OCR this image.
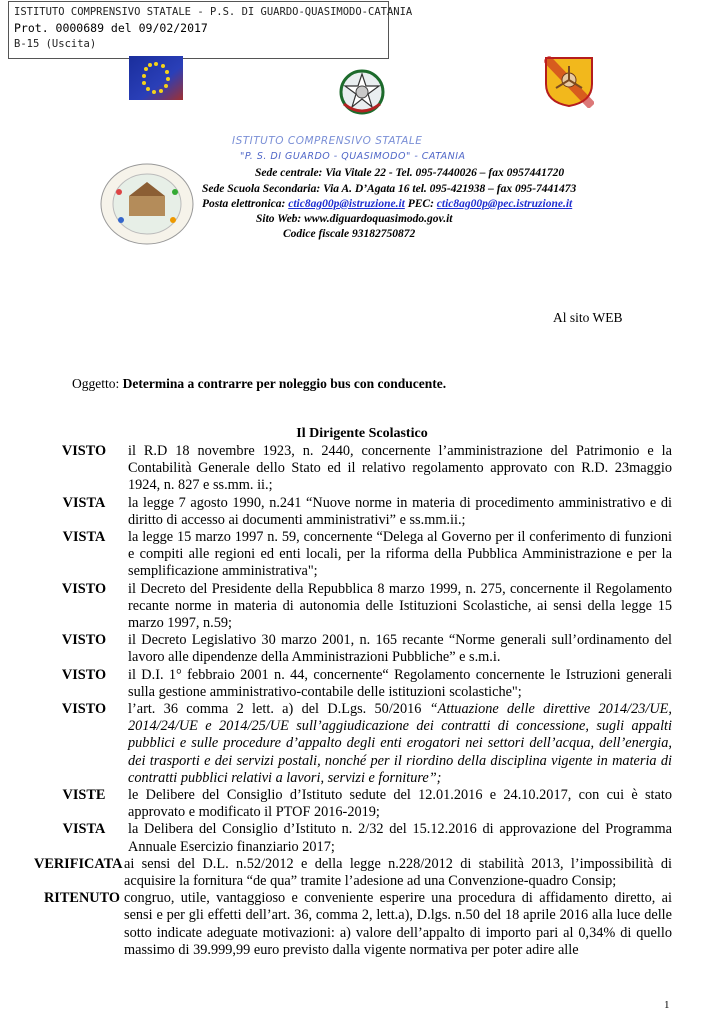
ISTITUTO COMPRENSIVO STATALE - P.S. DI GUARDO-QUASIMODO-CATANIA
Prot. 0000689 del 09/02/2017
B-15 (Uscita)
ISTITUTO COMPRENSIVO STATALE
"P. S. DI GUARDO - QUASIMODO" - CATANIA
Sede centrale: Via Vitale 22 - Tel. 095-7440026 – fax 0957441720
Sede Scuola Secondaria: Via A. D’Agata 16 tel. 095-421938 – fax 095-7441473
Posta elettronica: ctic8ag00p@istruzione.it PEC: ctic8ag00p@pec.istruzione.it
Sito Web: www.diguardoquasimodo.gov.it
Codice fiscale 93182750872
Al sito WEB
Oggetto: Determina a contrarre per noleggio bus con conducente.
Il Dirigente Scolastico
VISTO	il R.D 18 novembre 1923, n. 2440, concernente l’amministrazione del Patrimonio e la Contabilità Generale dello Stato ed il relativo regolamento approvato con R.D. 23maggio 1924, n. 827 e ss.mm. ii.;
VISTA	la legge 7 agosto 1990, n.241 “Nuove norme in materia di procedimento amministrativo e di diritto di accesso ai documenti amministrativi” e ss.mm.ii.;
VISTA	la legge 15 marzo 1997 n. 59, concernente “Delega al Governo per il conferimento di funzioni e compiti alle regioni ed enti locali, per la riforma della Pubblica Amministrazione e per la semplificazione amministrativa";
VISTO	il Decreto del Presidente della Repubblica 8 marzo 1999, n. 275, concernente il Regolamento recante norme in materia di autonomia delle Istituzioni Scolastiche, ai sensi della legge 15 marzo 1997, n.59;
VISTO	il Decreto Legislativo 30 marzo 2001, n. 165 recante “Norme generali sull’ordinamento del lavoro alle dipendenze della Amministrazioni Pubbliche” e s.m.i.
VISTO	il D.I. 1° febbraio 2001 n. 44, concernente“ Regolamento concernente le Istruzioni generali sulla gestione amministrativo-contabile delle istituzioni scolastiche";
VISTO	l’art. 36 comma 2 lett. a) del D.Lgs. 50/2016 “Attuazione delle direttive 2014/23/UE, 2014/24/UE e 2014/25/UE sull’aggiudicazione dei contratti di concessione, sugli appalti pubblici e sulle procedure d’appalto degli enti erogatori nei settori dell’acqua, dell’energia, dei trasporti e dei servizi postali, nonché per il riordino della disciplina vigente in materia di contratti pubblici relativi a lavori, servizi e forniture”;
VISTE	le Delibere del Consiglio d’Istituto sedute del 12.01.2016 e 24.10.2017, con cui è stato approvato e modificato il PTOF 2016-2019;
VISTA	la Delibera del Consiglio d’Istituto n. 2/32 del 15.12.2016 di approvazione del Programma Annuale Esercizio finanziario 2017;
VERIFICATA ai sensi del D.L. n.52/2012 e della legge n.228/2012 di stabilità 2013, l’impossibilità di acquisire la fornitura “de qua” tramite l’adesione ad una Convenzione-quadro Consip;
RITENUTO congruo, utile, vantaggioso e conveniente esperire una procedura di affidamento diretto, ai sensi e per gli effetti dell’art. 36, comma 2, lett.a), D.lgs. n.50 del 18 aprile 2016 alla luce delle sotto indicate adeguate motivazioni: a) valore dell’appalto di importo pari al 0,34% di quello massimo di 39.999,99 euro previsto dalla vigente normativa per poter adire alle
1
